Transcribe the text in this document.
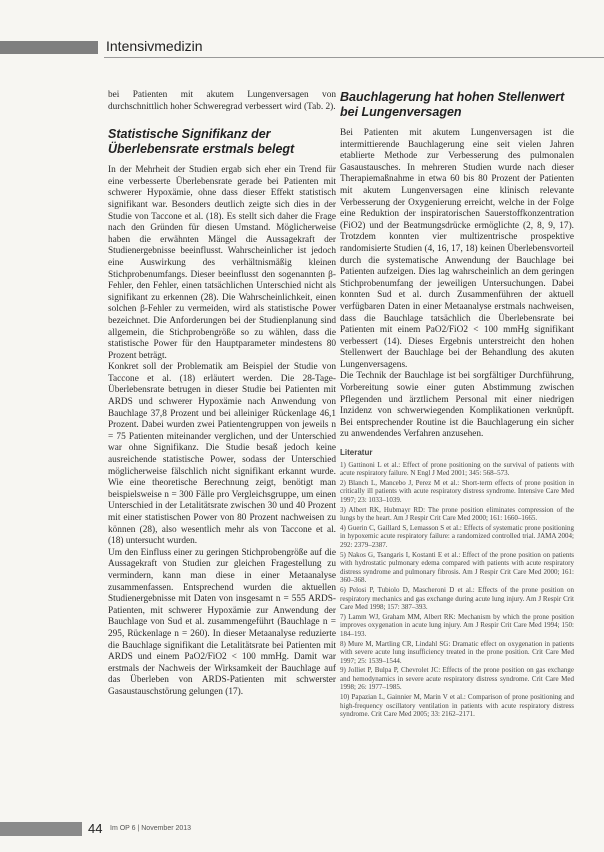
Intensivmedizin

bei Patienten mit akutem Lungenversagen von durchschnittlich hoher Schweregrad verbessert wird (Tab. 2).

Statistische Signifikanz der Überlebensrate erstmals belegt

In der Mehrheit der Studien ergab sich eher ein Trend für eine verbesserte Überlebensrate gerade bei Patienten mit schwerer Hypoxämie, ohne dass dieser Effekt statistisch signifikant war. Besonders deutlich zeigte sich dies in der Studie von Taccone et al. (18). Es stellt sich daher die Frage nach den Gründen für diesen Umstand. Möglicherweise haben die erwähnten Mängel die Aussagekraft der Studienergebnisse beeinflusst. Wahrscheinlicher ist jedoch eine Auswirkung des verhältnismäßig kleinen Stichprobenumfangs. Dieser beeinflusst den sogenannten β-Fehler, den Fehler, einen tatsächlichen Unterschied nicht als signifikant zu erkennen (28). Die Wahrscheinlichkeit, einen solchen β-Fehler zu vermeiden, wird als statistische Power bezeichnet. Die Anforderungen bei der Studienplanung sind allgemein, die Stichprobengröße so zu wählen, dass die statistische Power für den Hauptparameter mindestens 80 Prozent beträgt.

Konkret soll der Problematik am Beispiel der Studie von Taccone et al. (18) erläutert werden. Die 28-Tage-Überlebensrate betrugen in dieser Studie bei Patienten mit ARDS und schwerer Hypoxämie nach Anwendung von Bauchlage 37,8 Prozent und bei alleiniger Rückenlage 46,1 Prozent. Dabei wurden zwei Patientengruppen von jeweils n = 75 Patienten miteinander verglichen, und der Unterschied war ohne Signifikanz. Die Studie besaß jedoch keine ausreichende statistische Power, sodass der Unterschied möglicherweise fälschlich nicht signifikant erkannt wurde. Wie eine theoretische Berechnung zeigt, benötigt man beispielsweise n = 300 Fälle pro Vergleichsgruppe, um einen Unterschied in der Letalitätsrate zwischen 30 und 40 Prozent mit einer statistischen Power von 80 Prozent nachweisen zu können (28), also wesentlich mehr als von Taccone et al. (18) untersucht wurden.

Um den Einfluss einer zu geringen Stichprobengröße auf die Aussagekraft von Studien zur gleichen Fragestellung zu vermindern, kann man diese in einer Metaanalyse zusammenfassen. Entsprechend wurden die aktuellen Studienergebnisse mit Daten von insgesamt n = 555 ARDS-Patienten, mit schwerer Hypoxämie zur Anwendung der Bauchlage von Sud et al. zusammengeführt (Bauchlage n = 295, Rückenlage n = 260). In dieser Metaanalyse reduzierte die Bauchlage signifikant die Letalitätsrate bei Patienten mit ARDS und einem PaO2/FiO2 < 100 mmHg. Damit war erstmals der Nachweis der Wirksamkeit der Bauchlage auf das Überleben von ARDS-Patienten mit schwerster Gasaustauschstörung gelungen (17).

Bauchlagerung hat hohen Stellenwert bei Lungenversagen

Bei Patienten mit akutem Lungenversagen ist die intermittierende Bauchlagerung eine seit vielen Jahren etablierte Methode zur Verbesserung des pulmonalen Gasaustausches. In mehreren Studien wurde nach dieser Therapiemaßnahme in etwa 60 bis 80 Prozent der Patienten mit akutem Lungenversagen eine klinisch relevante Verbesserung der Oxygenierung erreicht, welche in der Folge eine Reduktion der inspiratorischen Sauerstoffkonzentration (FiO2) und der Beatmungsdrücke ermöglichte (2, 8, 9, 17). Trotzdem konnten vier multizentrische prospektive randomisierte Studien (4, 16, 17, 18) keinen Überlebensvorteil durch die systematische Anwendung der Bauchlage bei Patienten aufzeigen. Dies lag wahrscheinlich an dem geringen Stichprobenumfang der jeweiligen Untersuchungen. Dabei konnten Sud et al. durch Zusammenführen der aktuell verfügbaren Daten in einer Metaanalyse erstmals nachweisen, dass die Bauchlage tatsächlich die Überlebensrate bei Patienten mit einem PaO2/FiO2 < 100 mmHg signifikant verbessert (14). Dieses Ergebnis unterstreicht den hohen Stellenwert der Bauchlage bei der Behandlung des akuten Lungenversagens.

Die Technik der Bauchlage ist bei sorgfältiger Durchführung, Vorbereitung sowie einer guten Abstimmung zwischen Pflegenden und ärztlichem Personal mit einer niedrigen Inzidenz von schwerwiegenden Komplikationen verknüpft. Bei entsprechender Routine ist die Bauchlagerung ein sicher zu anwendendes Verfahren anzusehen.

Literatur
1) Gattinoni L et al.: Effect of prone positioning on the survival of patients with acute respiratory failure. N Engl J Med 2001; 345: 568–573.
2) Blanch L, Mancebo J, Perez M et al.: Short-term effects of prone position in critically ill patients with acute respiratory distress syndrome. Intensive Care Med 1997; 23: 1033–1039.
3) Albert RK, Hubmayr RD: The prone position eliminates compression of the lungs by the heart. Am J Respir Crit Care Med 2000; 161: 1660–1665.
4) Guerin C, Gaillard S, Lemasson S et al.: Effects of systematic prone positioning in hypoxemic acute respiratory failure: a randomized controlled trial. JAMA 2004; 292: 2379–2387.
5) Nakos G, Tsangaris I, Kostanti E et al.: Effect of the prone position on patients with hydrostatic pulmonary edema compared with patients with acute respiratory distress syndrome and pulmonary fibrosis. Am J Respir Crit Care Med 2000; 161: 360–368.
6) Pelosi P, Tubiolo D, Mascheroni D et al.: Effects of the prone position on respiratory mechanics and gas exchange during acute lung injury. Am J Respir Crit Care Med 1998; 157: 387–393.
7) Lamm WJ, Graham MM, Albert RK: Mechanism by which the prone position improves oxygenation in acute lung injury. Am J Respir Crit Care Med 1994; 150: 184–193.
8) Mure M, Martling CR, Lindahl SG: Dramatic effect on oxygenation in patients with severe acute lung insufficiency treated in the prone position. Crit Care Med 1997; 25: 1539–1544.
9) Jolliet P, Bulpa P, Chevrolet JC: Effects of the prone position on gas exchange and hemodynamics in severe acute respiratory distress syndrome. Crit Care Med 1998; 26: 1977–1985.
10) Papazian L, Gainnier M, Marin V et al.: Comparison of prone positioning and high-frequency oscillatory ventilation in patients with acute respiratory distress syndrome. Crit Care Med 2005; 33: 2162–2171.
44 Im OP 6 | November 2013
